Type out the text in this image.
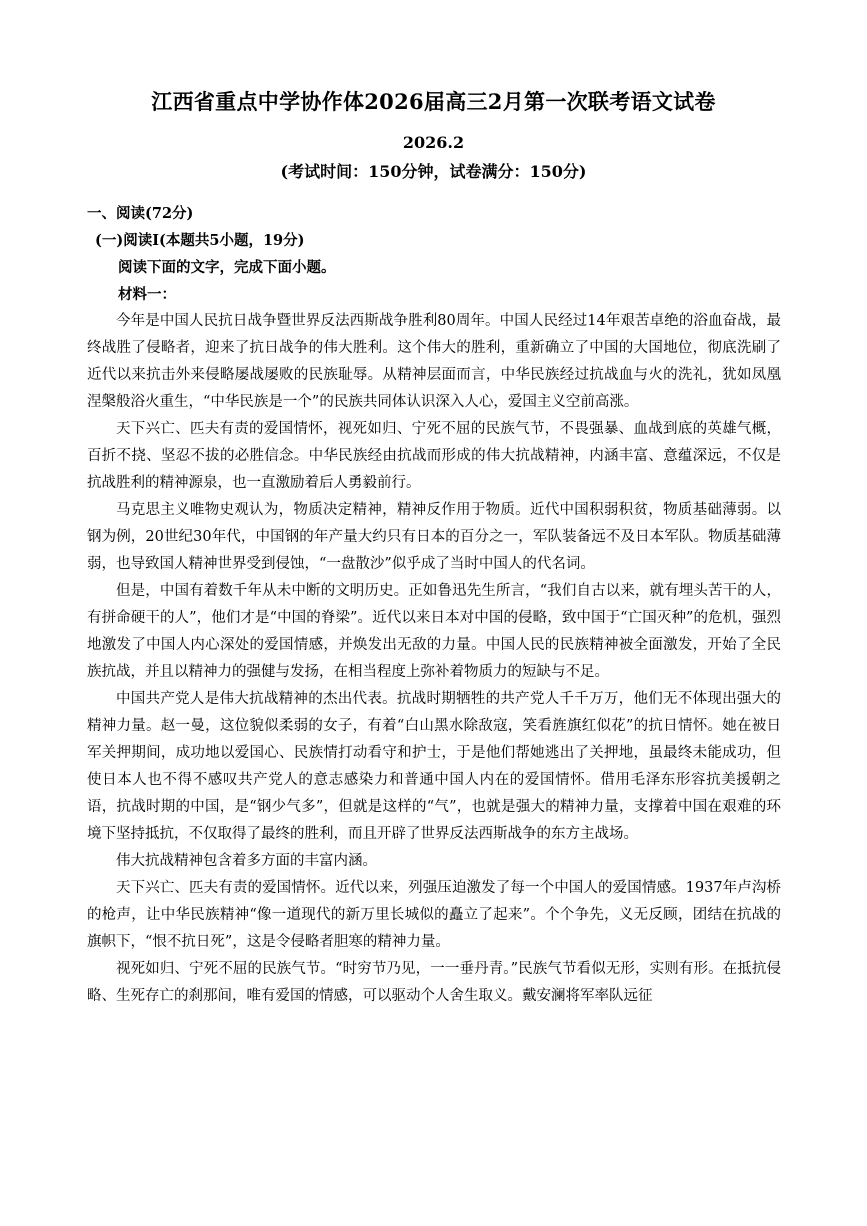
江西省重点中学协作体2026届高三2月第一次联考语文试卷
2026.2
(考试时间：150分钟，试卷满分：150分)
一、阅读(72分)
(一)阅读Ⅰ(本题共5小题，19分)
阅读下面的文字，完成下面小题。
材料一：

今年是中国人民抗日战争暨世界反法西斯战争胜利80周年。中国人民经过14年艰苦卓绝的浴血奋战，最终战胜了侵略者，迎来了抗日战争的伟大胜利。这个伟大的胜利，重新确立了中国的大国地位，彻底洗刷了近代以来抗击外来侵略屡战屡败的民族耻辱。从精神层面而言，中华民族经过抗战血与火的洗礼，犹如凤凰涅槃般浴火重生，“中华民族是一个”的民族共同体认识深入人心，爱国主义空前高涨。

天下兴亡、匹夫有责的爱国情怀，视死如归、宁死不屈的民族气节，不畏强暴、血战到底的英雄气概，百折不挠、坚忍不拔的必胜信念。中华民族经由抗战而形成的伟大抗战精神，内涵丰富、意蕴深远，不仅是抗战胜利的精神源泉，也一直激励着后人勇毅前行。

马克思主义唯物史观认为，物质决定精神，精神反作用于物质。近代中国积弱积贫，物质基础薄弱。以钢为例，20世纪30年代，中国钢的年产量大约只有日本的百分之一，军队装备远不及日本军队。物质基础薄弱，也导致国人精神世界受到侵蚀，“一盘散沙”似乎成了当时中国人的代名词。

但是，中国有着数千年从未中断的文明历史。正如鲁迅先生所言，“我们自古以来，就有埋头苦干的人，有拼命硬干的人”，他们才是“中国的脊梁”。近代以来日本对中国的侵略，致中国于“亡国灭种”的危机，强烈地激发了中国人内心深处的爱国情感，并焕发出无敌的力量。中国人民的民族精神被全面激发，开始了全民族抗战，并且以精神力的强健与发扬，在相当程度上弥补着物质力的短缺与不足。

中国共产党人是伟大抗战精神的杰出代表。抗战时期牺牲的共产党人千千万万，他们无不体现出强大的精神力量。赵一曼，这位貌似柔弱的女子，有着“白山黑水除敌寇，笑看旌旗红似花”的抗日情怀。她在被日军关押期间，成功地以爱国心、民族情打动看守和护士，于是他们帮她逃出了关押地，虽最终未能成功，但使日本人也不得不感叹共产党人的意志感染力和普通中国人内在的爱国情怀。借用毛泽东形容抗美援朝之语，抗战时期的中国，是“钢少气多”，但就是这样的“气”，也就是强大的精神力量，支撑着中国在艰难的环境下坚持抵抗，不仅取得了最终的胜利，而且开辟了世界反法西斯战争的东方主战场。

伟大抗战精神包含着多方面的丰富内涵。

天下兴亡、匹夫有责的爱国情怀。近代以来，列强压迫激发了每一个中国人的爱国情感。1937年卢沟桥的枪声，让中华民族精神“像一道现代的新万里长城似的矗立了起来”。个个争先，义无反顾，团结在抗战的旗帜下，“恨不抗日死”，这是令侵略者胆寒的精神力量。

视死如归、宁死不屈的民族气节。“时穷节乃见，一一垂丹青。”民族气节看似无形，实则有形。在抵抗侵略、生死存亡的刹那间，唯有爱国的情感，可以驱动个人舍生取义。戴安澜将军率队远征
